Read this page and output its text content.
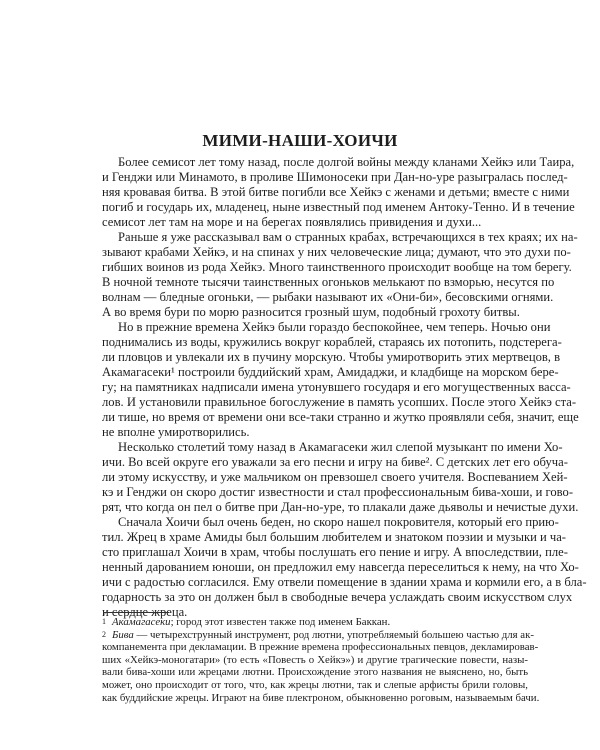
МИМИ-НАШИ-ХОИЧИ
Более семисот лет тому назад, после долгой войны между кланами Хейкэ или Таира,
и Генджи или Минамото, в проливе Шимоносеки при Дан-но-уре разыгралась послед-
няя кровавая битва. В этой битве погибли все Хейкэ с женами и детьми; вместе с ними
погиб и государь их, младенец, ныне известный под именем Антоку-Тенно. И в течение
семисот лет там на море и на берегах появлялись привидения и духи...
Раньше я уже рассказывал вам о странных крабах, встречающихся в тех краях; их на-
зывают крабами Хейкэ, и на спинах у них человеческие лица; думают, что это духи по-
гибших воинов из рода Хейкэ. Много таинственного происходит вообще на том берегу.
В ночной темноте тысячи таинственных огоньков мелькают по взморью, несутся по
волнам — бледные огоньки, — рыбаки называют их «Они-би», бесовскими огнями.
А во время бури по морю разносится грозный шум, подобный грохоту битвы.
Но в прежние времена Хейкэ были гораздо беспокойнее, чем теперь. Ночью они
поднимались из воды, кружились вокруг кораблей, стараясь их потопить, подстерега-
ли пловцов и увлекали их в пучину морскую. Чтобы умиротворить этих мертвецов, в
Акамагасеки¹ построили буддийский храм, Амидаджи, и кладбище на морском бере-
гу; на памятниках надписали имена утонувшего государя и его могущественных васса-
лов. И установили правильное богослужение в память усопших. После этого Хейкэ ста-
ли тише, но время от времени они все-таки странно и жутко проявляли себя, значит, еще
не вполне умиротворились.
Несколько столетий тому назад в Акамагасеки жил слепой музыкант по имени Хо-
ичи. Во всей округе его уважали за его песни и игру на биве². С детских лет его обуча-
ли этому искусству, и уже мальчиком он превзошел своего учителя. Воспеванием Хей-
кэ и Генджи он скоро достиг известности и стал профессиональным бива-хоши, и гово-
рят, что когда он пел о битве при Дан-но-уре, то плакали даже дьяволы и нечистые духи.
Сначала Хоичи был очень беден, но скоро нашел покровителя, который его прию-
тил. Жрец в храме Амиды был большим любителем и знатоком поэзии и музыки и ча-
сто приглашал Хоичи в храм, чтобы послушать его пение и игру. А впоследствии, пле-
ненный дарованием юноши, он предложил ему навсегда переселиться к нему, на что Хо-
ичи с радостью согласился. Ему отвели помещение в здании храма и кормили его, а в бла-
годарность за это он должен был в свободные вечера услаждать своим искусством слух
и сердце жреца.
$^1$ Акамагасеки; город этот известен также под именем Баккан.
$^2$ Бива — четырехструнный инструмент, род лютни, употребляемый большею частью для ак-
компанемента при декламации. В прежние времена профессиональных певцов, декламировав-
ших «Хейкэ-моногатари» (то есть «Повесть о Хейкэ») и другие трагические повести, назы-
вали бива-хоши или жрецами лютни. Происхождение этого названия не выяснено, но, быть
может, оно происходит от того, что, как жрецы лютни, так и слепые арфисты брили головы,
как буддийские жрецы. Играют на биве плектроном, обыкновенно роговым, называемым бачи.
